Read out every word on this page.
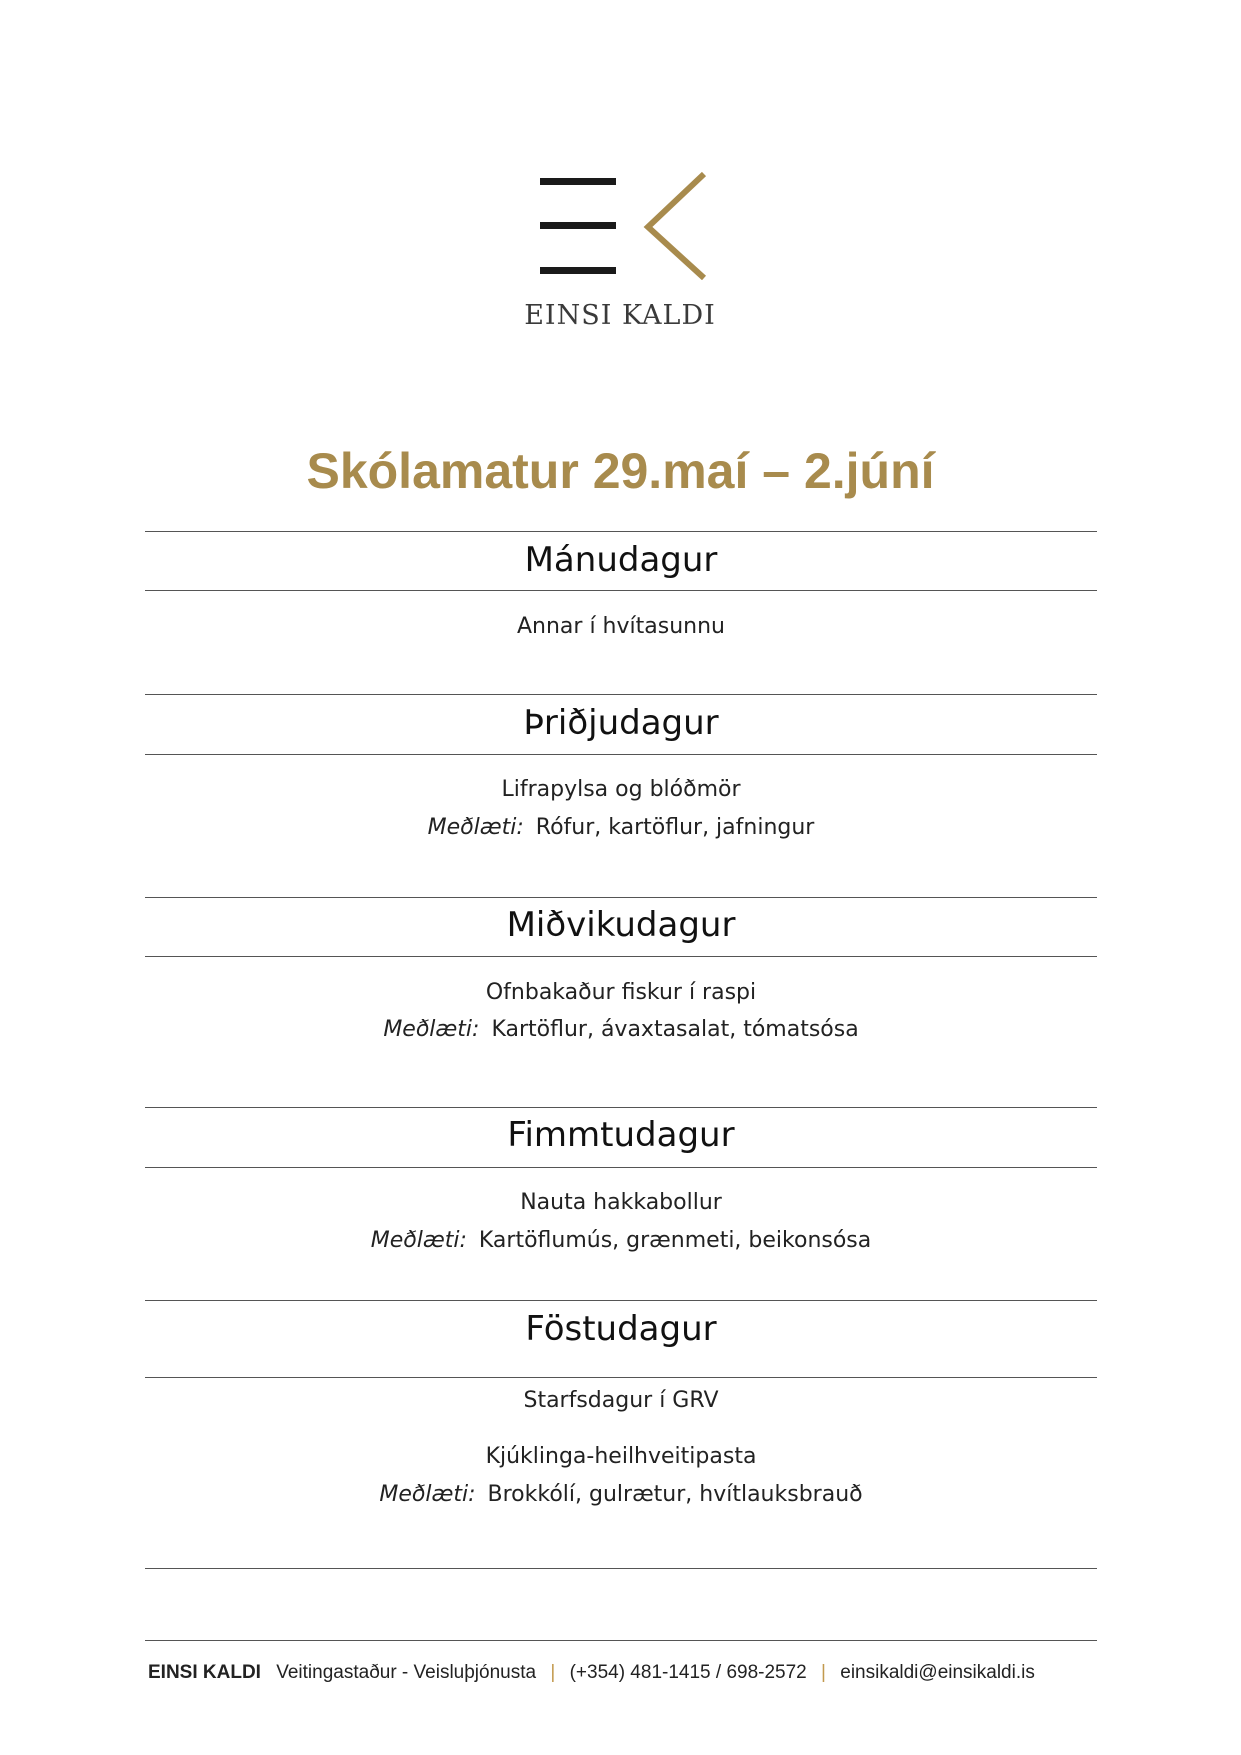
EINSI KALDI
Skólamatur 29.maí – 2.júní
Mánudagur
Annar í hvítasunnu
Þriðjudagur
Lifrapylsa og blóðmör
Meðlæti: Rófur, kartöflur, jafningur
Miðvikudagur
Ofnbakaður fiskur í raspi
Meðlæti: Kartöflur, ávaxtasalat, tómatsósa
Fimmtudagur
Nauta hakkabollur
Meðlæti: Kartöflumús, grænmeti, beikonsósa
Föstudagur
Starfsdagur í GRV
Kjúklinga-heilhveitipasta
Meðlæti: Brokkólí, gulrætur, hvítlauksbrauð
EINSI KALDI Veitingastaður - Veisluþjónusta | (+354) 481-1415 / 698-2572 | einsikaldi@einsikaldi.is
